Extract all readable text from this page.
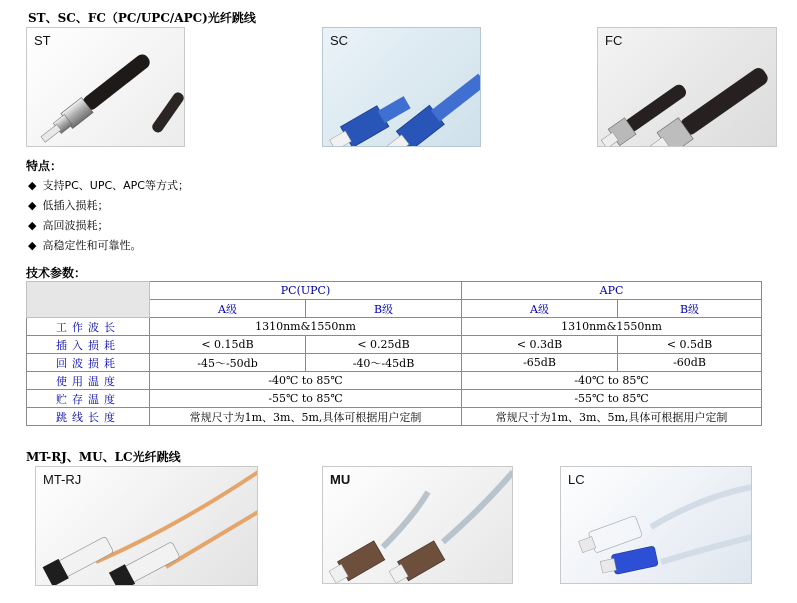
ST、SC、FC（PC/UPC/APC)光纤跳线
ST	SC	FC
特点：
◆ 支持PC、UPC、APC等方式；
◆ 低插入损耗；
◆ 高回波损耗；
◆ 高稳定性和可靠性。
技术参数：
	PC(UPC)		APC	
	A级	B级	A级	B级
工作波长	1310nm&1550nm		1310nm&1550nm	
插入损耗	< 0.15dB	< 0.25dB	< 0.3dB	< 0.5dB
回波损耗	-45～-50db	-40～-45dB	-65dB	-60dB
使用温度	-40℃ to 85℃		-40℃ to 85℃	
贮存温度	-55℃ to 85℃		-55℃ to 85℃	
跳线长度	常规尺寸为1m、3m、5m,具体可根据用户定制		常规尺寸为1m、3m、5m,具体可根据用户定制	
MT-RJ、MU、LC光纤跳线
MT-RJ	MU	LC
